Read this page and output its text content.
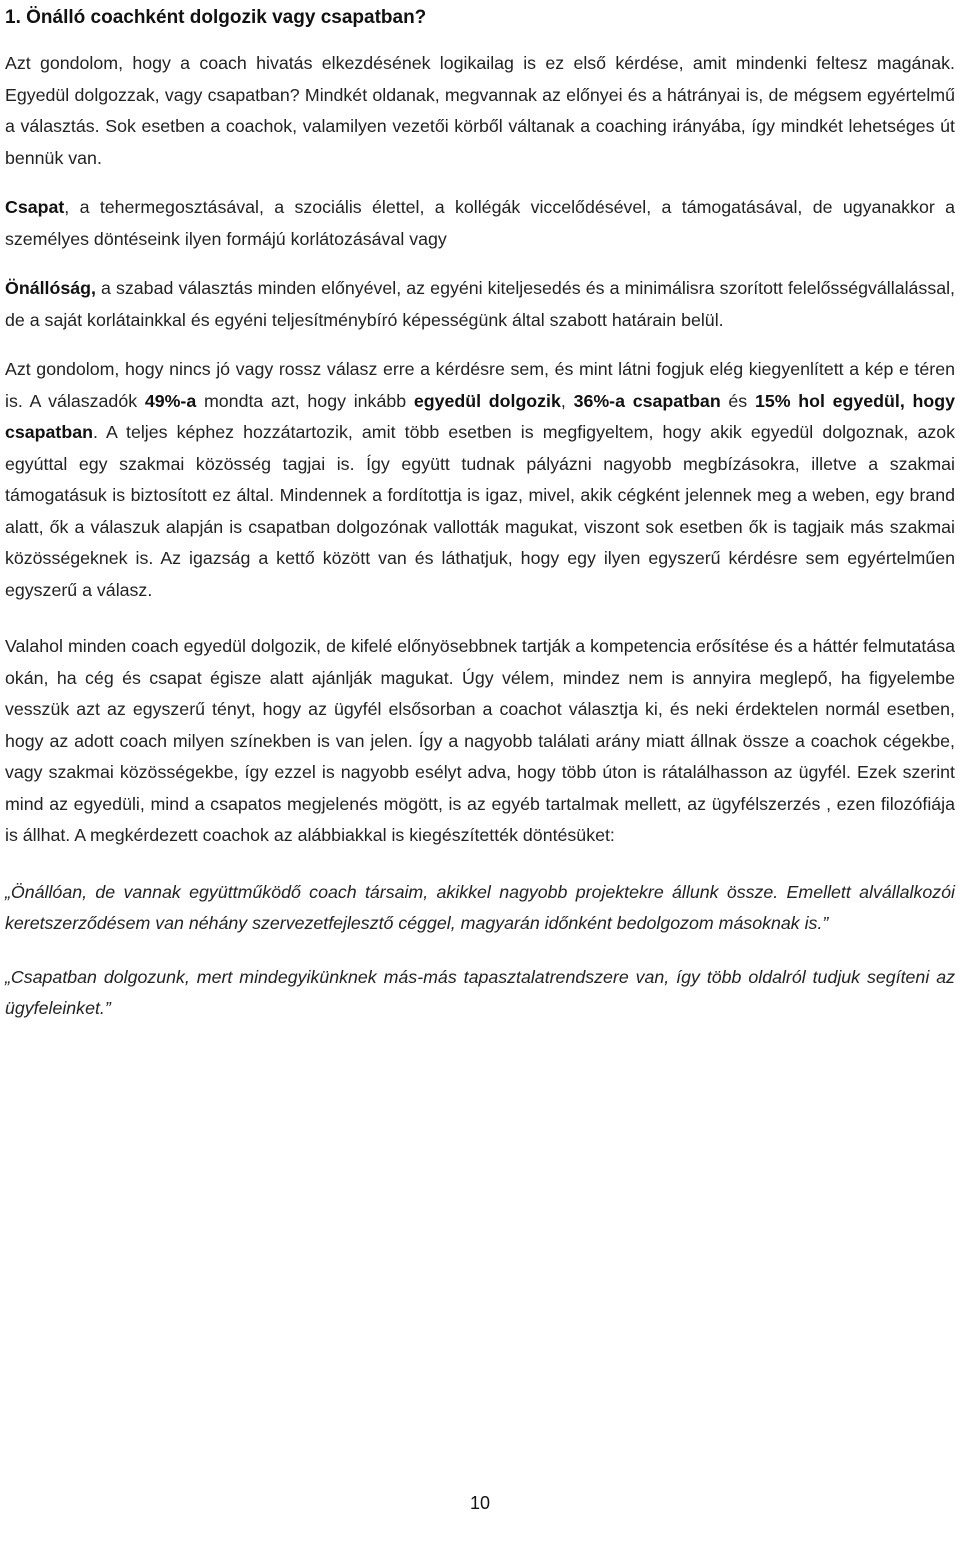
1. Önálló coachként dolgozik vagy csapatban?

Azt gondolom, hogy a coach hivatás elkezdésének logikailag is ez első kérdése, amit mindenki feltesz magának. Egyedül dolgozzak, vagy csapatban? Mindkét oldanak, megvannak az előnyei és a hátrányai is, de mégsem egyértelmű a választás. Sok esetben a coachok, valamilyen vezetői körből váltanak a coaching irányába, így mindkét lehetséges út bennük van.

Csapat, a tehermegosztásával, a szociális élettel, a kollégák viccelődésével, a támogatásával, de ugyanakkor a személyes döntéseink ilyen formájú korlátozásával vagy

Önállóság, a szabad választás minden előnyével, az egyéni kiteljesedés és a minimálisra szorított felelősségvállalással, de a saját korlátainkkal és egyéni teljesítménybíró képességünk által szabott határain belül.

Azt gondolom, hogy nincs jó vagy rossz válasz erre a kérdésre sem, és mint látni fogjuk elég kiegyenlített a kép e téren is. A válaszadók 49%-a mondta azt, hogy inkább egyedül dolgozik, 36%-a csapatban és 15% hol egyedül, hogy csapatban. A teljes képhez hozzátartozik, amit több esetben is megfigyeltem, hogy akik egyedül dolgoznak, azok egyúttal egy szakmai közösség tagjai is. Így együtt tudnak pályázni nagyobb megbízásokra, illetve a szakmai támogatásuk is biztosított ez által. Mindennek a fordítottja is igaz, mivel, akik cégként jelennek meg a weben, egy brand alatt, ők a válaszuk alapján is csapatban dolgozónak vallották magukat, viszont sok esetben ők is tagjaik más szakmai közösségeknek is. Az igazság a kettő között van és láthatjuk, hogy egy ilyen egyszerű kérdésre sem egyértelműen egyszerű a válasz.

Valahol minden coach egyedül dolgozik, de kifelé előnyösebbnek tartják a kompetencia erősítése és a háttér felmutatása okán, ha cég és csapat égisze alatt ajánlják magukat. Úgy vélem, mindez nem is annyira meglepő, ha figyelembe vesszük azt az egyszerű tényt, hogy az ügyfél elsősorban a coachot választja ki, és neki érdektelen normál esetben, hogy az adott coach milyen színekben is van jelen. Így a nagyobb találati arány miatt állnak össze a coachok cégekbe, vagy szakmai közösségekbe, így ezzel is nagyobb esélyt adva, hogy több úton is rátalálhasson az ügyfél. Ezek szerint mind az egyedüli, mind a csapatos megjelenés mögött, is az egyéb tartalmak mellett, az ügyfélszerzés , ezen filozófiája is állhat. A megkérdezett coachok az alábbiakkal is kiegészítették döntésüket:

„Önállóan, de vannak együttműködő coach társaim, akikkel nagyobb projektekre állunk össze. Emellett alvállalkozói keretszerződésem van néhány szervezetfejlesztő céggel, magyarán időnként bedolgozom másoknak is.”

„Csapatban dolgozunk, mert mindegyikünknek más-más tapasztalatrendszere van, így több oldalról tudjuk segíteni az ügyfeleinket.”

10
